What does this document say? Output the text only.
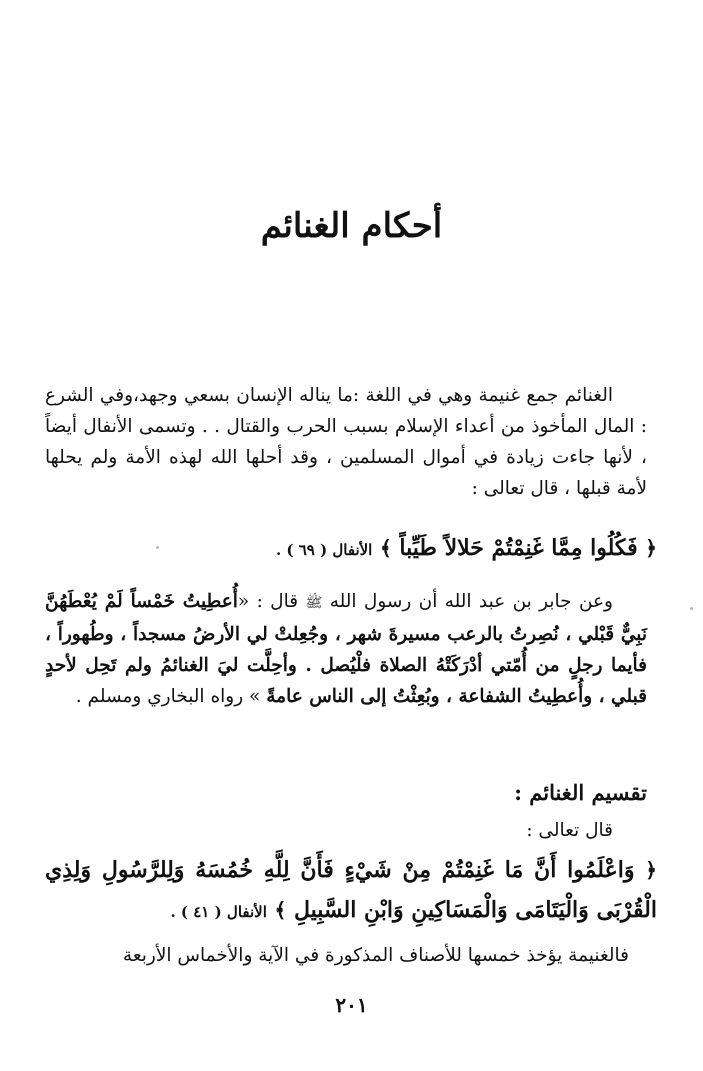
أحكام الغنائم

الغنائم جمع غنيمة وهي في اللغة :ما يناله الإنسان بسعي وجهد،وفي الشرع : المال المأخوذ من أعداء الإسلام بسبب الحرب والقتال . . وتسمى الأنفال أيضاً ، لأنها جاءت زيادة في أموال المسلمين ، وقد أحلها الله لهذه الأمة ولم يحلها لأمة قبلها ، قال تعالى :

﴿ فَكُلُوا مِمَّا غَنِمْتُمْ حَلالاً طَيِّباً ﴾ الأنفال ( ٦٩ ) .

وعن جابر بن عبد الله أن رسول الله ﷺ قال : «أُعطِيتُ خَمْساً لَمْ يُعْطَهُنَّ نَبِيٌّ قَبْلي ، نُصِرتُ بالرعب مسيرةَ شهر ، وجُعِلتْ لي الأرضُ مسجداً ، وطُهوراً ، فأيما رجلٍ من أُمّتي أدْرَكَتْهُ الصلاة فلْيُصل . وأحِلَّت ليَ الغنائمُ ولم تَحِل لأحدٍ قبلي ، وأُعطِيتُ الشفاعة ، وبُعِثْتُ إلى الناس عامةً » رواه البخاري ومسلم .

تقسيم الغنائم :

قال تعالى :

﴿ وَاعْلَمُوا أَنَّ مَا غَنِمْتُمْ مِنْ شَيْءٍ فَأَنَّ لِلَّهِ خُمُسَهُ وَلِلرَّسُولِ وَلِذِي الْقُرْبَى وَالْيَتَامَى وَالْمَسَاكِينِ وَابْنِ السَّبِيلِ ﴾ الأنفال ( ٤١ ) .

فالغنيمة يؤخذ خمسها للأصناف المذكورة في الآية والأخماس الأربعة

٢٠١
